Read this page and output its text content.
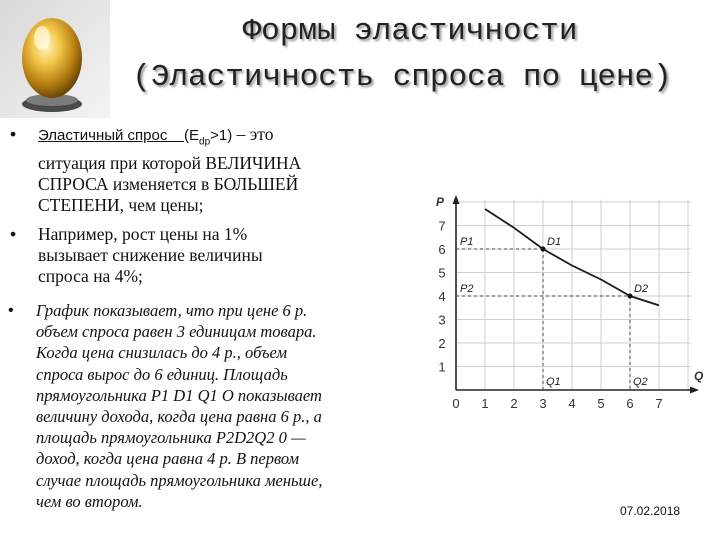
Формы эластичности
(Эластичность спроса по цене)
• Эластичный спрос $(E_{dp}>1)$ – это
ситуация при которой ВЕЛИЧИНА
СПРОСА изменяется в БОЛЬШЕЙ
СТЕПЕНИ, чем цены;
• Например, рост цены на 1%
вызывает снижение величины
спроса на 4%;
• График показывает, что при цене 6 р.
объем спроса равен 3 единицам товара.
Когда цена снизилась до 4 р., объем
спроса вырос до 6 единиц. Площадь
прямоугольника P1 D1 Q1 O показывает
величину дохода, когда цена равна 6 р., а
площадь прямоугольника P2D2Q2 0 —
доход, когда цена равна 4 р. В первом
случае площадь прямоугольника меньше,
чем во втором.
P
Q
1
2
3
4
5
6
7
0 1 2 3 4 5 6 7
D1
P1
Q1
D2
P2
Q2
07.02.2018
